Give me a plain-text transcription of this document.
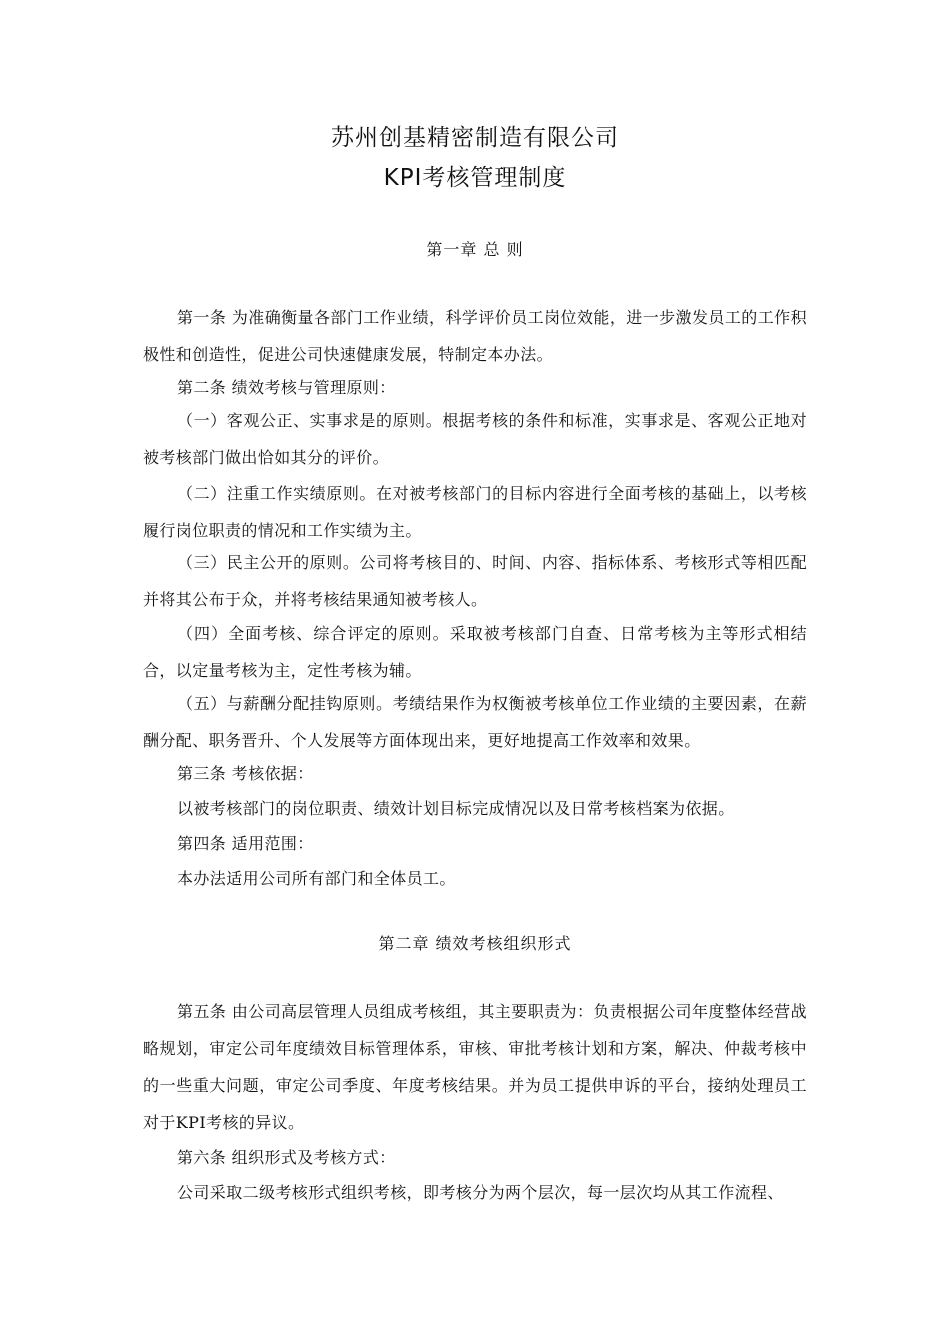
苏州创基精密制造有限公司
KPI考核管理制度
第一章 总 则
第一条 为准确衡量各部门工作业绩，科学评价员工岗位效能，进一步激发员工的工作积极性和创造性，促进公司快速健康发展，特制定本办法。
第二条 绩效考核与管理原则：
（一）客观公正、实事求是的原则。根据考核的条件和标准，实事求是、客观公正地对被考核部门做出恰如其分的评价。
（二）注重工作实绩原则。在对被考核部门的目标内容进行全面考核的基础上，以考核履行岗位职责的情况和工作实绩为主。
（三）民主公开的原则。公司将考核目的、时间、内容、指标体系、考核形式等相匹配并将其公布于众，并将考核结果通知被考核人。
（四）全面考核、综合评定的原则。采取被考核部门自查、日常考核为主等形式相结合，以定量考核为主，定性考核为辅。
（五）与薪酬分配挂钩原则。考绩结果作为权衡被考核单位工作业绩的主要因素，在薪酬分配、职务晋升、个人发展等方面体现出来，更好地提高工作效率和效果。
第三条 考核依据：
以被考核部门的岗位职责、绩效计划目标完成情况以及日常考核档案为依据。
第四条 适用范围：
本办法适用公司所有部门和全体员工。
第二章 绩效考核组织形式
第五条 由公司高层管理人员组成考核组，其主要职责为：负责根据公司年度整体经营战略规划，审定公司年度绩效目标管理体系，审核、审批考核计划和方案，解决、仲裁考核中的一些重大问题，审定公司季度、年度考核结果。并为员工提供申诉的平台，接纳处理员工对于KPI考核的异议。
第六条 组织形式及考核方式：
公司采取二级考核形式组织考核，即考核分为两个层次，每一层次均从其工作流程、
